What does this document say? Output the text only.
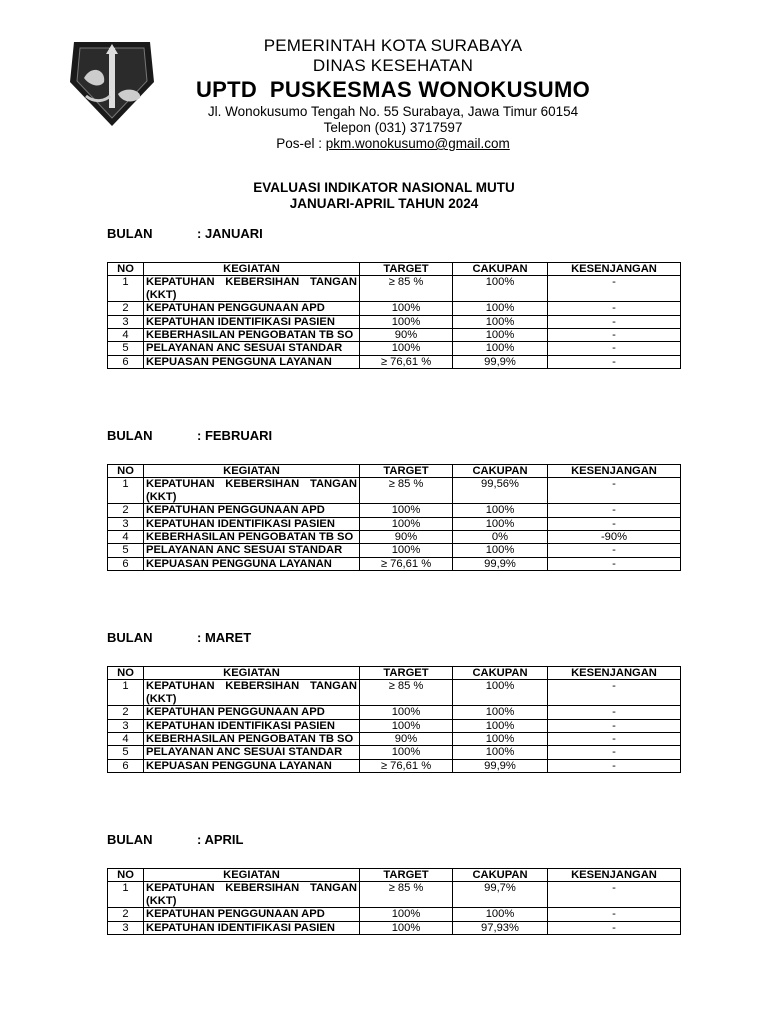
PEMERINTAH KOTA SURABAYA
DINAS KESEHATAN
UPTD  PUSKESMAS WONOKUSUMO
Jl. Wonokusumo Tengah No. 55 Surabaya, Jawa Timur 60154
Telepon (031) 3717597
Pos-el : pkm.wonokusumo@gmail.com
EVALUASI INDIKATOR NASIONAL MUTU
JANUARI-APRIL TAHUN 2024
BULAN	: JANUARI
NO	KEGIATAN	TARGET	CAKUPAN	KESENJANGAN
1	KEPATUHAN KEBERSIHAN TANGAN (KKT)	≥ 85 %	100%	-
2	KEPATUHAN PENGGUNAAN APD	100%	100%	-
3	KEPATUHAN IDENTIFIKASI PASIEN	100%	100%	-
4	KEBERHASILAN PENGOBATAN TB SO	90%	100%	-
5	PELAYANAN ANC SESUAI STANDAR	100%	100%	-
6	KEPUASAN PENGGUNA LAYANAN	≥ 76,61 %	99,9%	-
BULAN	: FEBRUARI
NO	KEGIATAN	TARGET	CAKUPAN	KESENJANGAN
1	KEPATUHAN KEBERSIHAN TANGAN (KKT)	≥ 85 %	99,56%	-
2	KEPATUHAN PENGGUNAAN APD	100%	100%	-
3	KEPATUHAN IDENTIFIKASI PASIEN	100%	100%	-
4	KEBERHASILAN PENGOBATAN TB SO	90%	0%	-90%
5	PELAYANAN ANC SESUAI STANDAR	100%	100%	-
6	KEPUASAN PENGGUNA LAYANAN	≥ 76,61 %	99,9%	-
BULAN	: MARET
NO	KEGIATAN	TARGET	CAKUPAN	KESENJANGAN
1	KEPATUHAN KEBERSIHAN TANGAN (KKT)	≥ 85 %	100%	-
2	KEPATUHAN PENGGUNAAN APD	100%	100%	-
3	KEPATUHAN IDENTIFIKASI PASIEN	100%	100%	-
4	KEBERHASILAN PENGOBATAN TB SO	90%	100%	-
5	PELAYANAN ANC SESUAI STANDAR	100%	100%	-
6	KEPUASAN PENGGUNA LAYANAN	≥ 76,61 %	99,9%	-
BULAN	: APRIL
NO	KEGIATAN	TARGET	CAKUPAN	KESENJANGAN
1	KEPATUHAN KEBERSIHAN TANGAN (KKT)	≥ 85 %	99,7%	-
2	KEPATUHAN PENGGUNAAN APD	100%	100%	-
3	KEPATUHAN IDENTIFIKASI PASIEN	100%	97,93%	-
